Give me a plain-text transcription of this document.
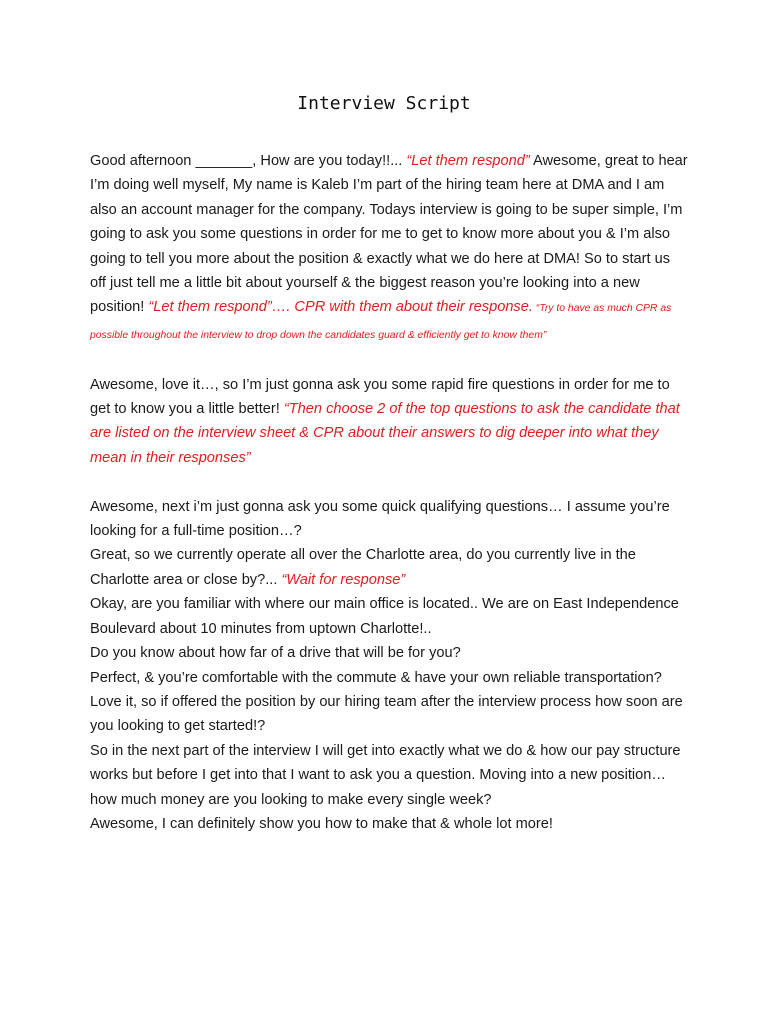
Interview Script

Good afternoon _______, How are you today!!... “Let them respond” Awesome, great to hear I’m doing well myself, My name is Kaleb I’m part of the hiring team here at DMA and I am also an account manager for the company. Todays interview is going to be super simple, I’m going to ask you some questions in order for me to get to know more about you & I’m also going to tell you more about the position & exactly what we do here at DMA! So to start us off just tell me a little bit about yourself & the biggest reason you’re looking into a new position! “Let them respond”…. CPR with them about their response. “Try to have as much CPR as possible throughout the interview to drop down the candidates guard & efficiently get to know them”

Awesome, love it…, so I’m just gonna ask you some rapid fire questions in order for me to get to know you a little better! “Then choose 2 of the top questions to ask the candidate that are listed on the interview sheet & CPR about their answers to dig deeper into what they mean in their responses”

Awesome, next i’m just gonna ask you some quick qualifying questions… I assume you’re looking for a full-time position…?

Great, so we currently operate all over the Charlotte area, do you currently live in the Charlotte area or close by?... “Wait for response”

Okay, are you familiar with where our main office is located.. We are on East Independence Boulevard about 10 minutes from uptown Charlotte!..

Do you know about how far of a drive that will be for you?

Perfect, & you’re comfortable with the commute & have your own reliable transportation?

Love it, so if offered the position by our hiring team after the interview process how soon are you looking to get started!?

So in the next part of the interview I will get into exactly what we do & how our pay structure works but before I get into that I want to ask you a question. Moving into a new position… how much money are you looking to make every single week?

Awesome, I can definitely show you how to make that & whole lot more!
